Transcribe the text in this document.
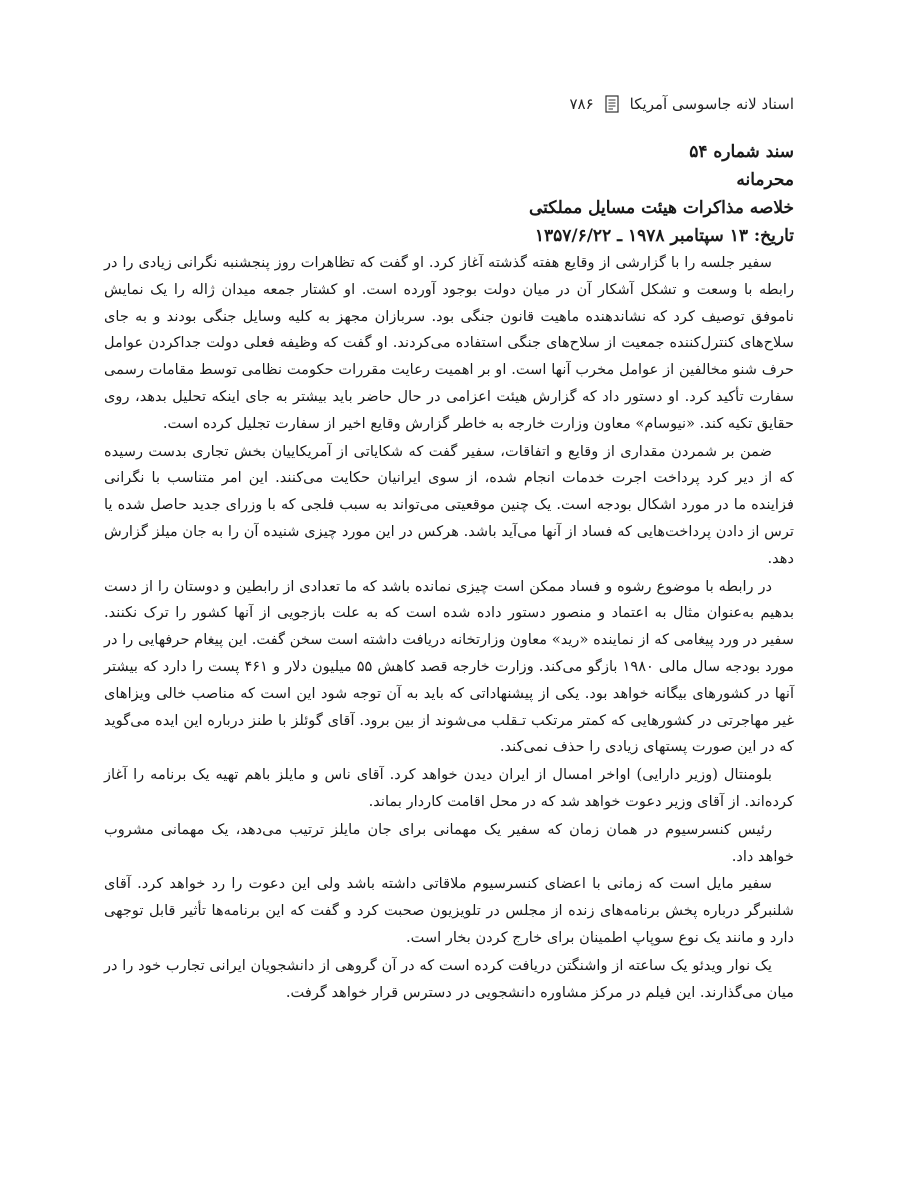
اسناد لانه جاسوسی آمریکا
۷۸۶

سند شماره ۵۴

محرمانه

خلاصه مذاکرات هیئت مسایل مملکتی

تاریخ: ۱۳ سپتامبر ۱۹۷۸ ـ ۱۳۵۷/۶/۲۲

سفیر جلسه را با گزارشی از وقایع هفته گذشته آغاز کرد. او گفت که تظاهرات روز پنجشنبه نگرانی زیادی را در رابطه با وسعت و تشکل آشکار آن در میان دولت بوجود آورده است. او کشتار جمعه میدان ژاله را یک نمایش ناموفق توصیف کرد که نشاندهنده ماهیت قانون جنگی بود. سربازان مجهز به کلیه وسایل جنگی بودند و به جای سلاح‌های کنترل‌کننده جمعیت از سلاح‌های جنگی استفاده می‌کردند. او گفت که وظیفه فعلی دولت جداکردن عوامل حرف شنو مخالفین از عوامل مخرب آنها است. او بر اهمیت رعایت مقررات حکومت نظامی توسط مقامات رسمی سفارت تأکید کرد. او دستور داد که گزارش هیئت اعزامی در حال حاضر باید بیشتر به جای اینکه تحلیل بدهد، روی حقایق تکیه کند. «نیوسام» معاون وزارت خارجه به خاطر گزارش وقایع اخیر از سفارت تجلیل کرده است.

ضمن بر شمردن مقداری از وقایع و اتفاقات، سفیر گفت که شکایاتی از آمریکاییان بخش تجاری بدست رسیده که از دیر کرد پرداخت اجرت خدمات انجام شده، از سوی ایرانیان حکایت می‌کنند. این امر متناسب با نگرانی فزاینده ما در مورد اشکال بودجه است. یک چنین موقعیتی می‌تواند به سبب فلجی که با وزرای جدید حاصل شده یا ترس از دادن پرداخت‌هایی که فساد از آنها می‌آید باشد. هرکس در این مورد چیزی شنیده آن را به جان میلز گزارش دهد.

در رابطه با موضوع رشوه و فساد ممکن است چیزی نمانده باشد که ما تعدادی از رابطین و دوستان را از دست بدهیم به‌عنوان مثال به اعتماد و منصور دستور داده شده است که به علت بازجویی از آنها کشور را ترک نکنند. سفیر در ورد پیغامی که از نماینده «رید» معاون وزارتخانه دریافت داشته است سخن گفت. این پیغام حرفهایی را در مورد بودجه سال مالی ۱۹۸۰ بازگو می‌کند. وزارت خارجه قصد کاهش ۵۵ میلیون دلار و ۴۶۱ پست را دارد که بیشتر آنها در کشورهای بیگانه خواهد بود. یکی از پیشنهاداتی که باید به آن توجه شود این است که مناصب خالی ویزاهای غیر مهاجرتی در کشورهایی که کمتر مرتکب تـقلب می‌شوند از بین برود. آقای گوئلز با طنز درباره این ایده می‌گوید که در این صورت پستهای زیادی را حذف نمی‌کند.

بلومنتال (وزیر دارایی) اواخر امسال از ایران دیدن خواهد کرد. آقای ناس و مایلز باهم تهیه یک برنامه را آغاز کرده‌اند. از آقای وزیر دعوت خواهد شد که در محل اقامت کاردار بماند.

رئیس کنسرسیوم در همان زمان که سفیر یک مهمانی برای جان مایلز ترتیب می‌دهد، یک مهمانی مشروب خواهد داد.

سفیر مایل است که زمانی با اعضای کنسرسیوم ملاقاتی داشته باشد ولی این دعوت را رد خواهد کرد. آقای شلنبرگر درباره پخش برنامه‌های زنده از مجلس در تلویزیون صحبت کرد و گفت که این برنامه‌ها تأثیر قابل توجهی دارد و مانند یک نوع سوپاپ اطمینان برای خارج کردن بخار است.

یک نوار ویدئو یک ساعته از واشنگتن دریافت کرده است که در آن گروهی از دانشجویان ایرانی تجارب خود را در میان می‌گذارند. این فیلم در مرکز مشاوره دانشجویی در دسترس قرار خواهد گرفت.
